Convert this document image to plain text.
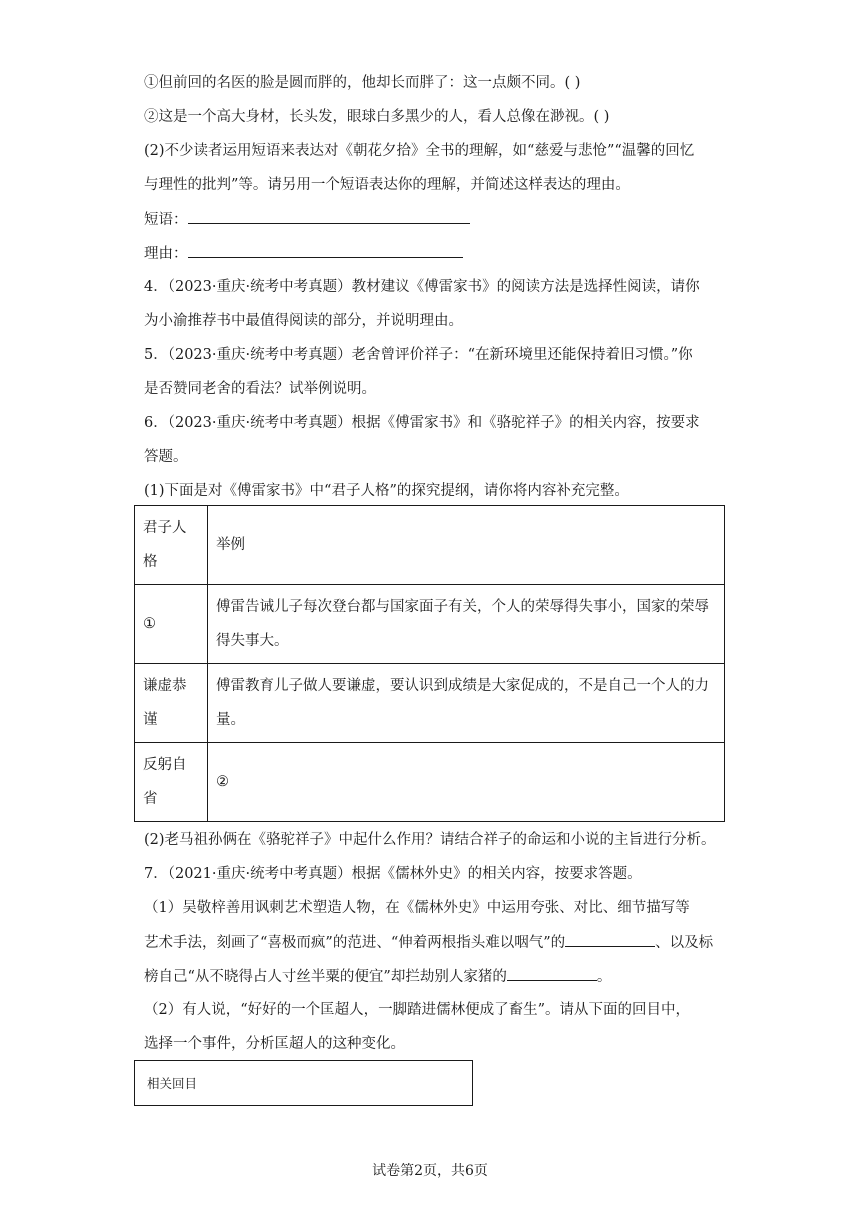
①但前回的名医的脸是圆而胖的，他却长而胖了：这一点颇不同。( )
②这是一个高大身材，长头发，眼球白多黑少的人，看人总像在渺视。( )
(2)不少读者运用短语来表达对《朝花夕拾》全书的理解，如“慈爱与悲怆”“温馨的回忆
与理性的批判”等。请另用一个短语表达你的理解，并简述这样表达的理由。
短语：
理由：
4．（2023·重庆·统考中考真题）教材建议《傅雷家书》的阅读方法是选择性阅读，请你
为小渝推荐书中最值得阅读的部分，并说明理由。
5．（2023·重庆·统考中考真题）老舍曾评价祥子：“在新环境里还能保持着旧习惯。”你
是否赞同老舍的看法？试举例说明。
6．（2023·重庆·统考中考真题）根据《傅雷家书》和《骆驼祥子》的相关内容，按要求
答题。
(1)下面是对《傅雷家书》中“君子人格”的探究提纲，请你将内容补充完整。
君子人格	举例
①	傅雷告诫儿子每次登台都与国家面子有关，个人的荣辱得失事小，国家的荣辱得失事大。
谦虚恭谨	傅雷教育儿子做人要谦虚，要认识到成绩是大家促成的，不是自己一个人的力量。
反躬自省	②
(2)老马祖孙俩在《骆驼祥子》中起什么作用？请结合祥子的命运和小说的主旨进行分析。
7．（2021·重庆·统考中考真题）根据《儒林外史》的相关内容，按要求答题。
（1）吴敬梓善用讽刺艺术塑造人物，在《儒林外史》中运用夸张、对比、细节描写等
艺术手法，刻画了“喜极而疯”的范进、“伸着两根指头难以咽气”的	、以及标
榜自己“从不晓得占人寸丝半粟的便宜”却拦劫别人家猪的	。
（2）有人说，“好好的一个匡超人，一脚踏进儒林便成了畜生”。请从下面的回目中，
选择一个事件，分析匡超人的这种变化。
相关回目
试卷第2页，共6页
